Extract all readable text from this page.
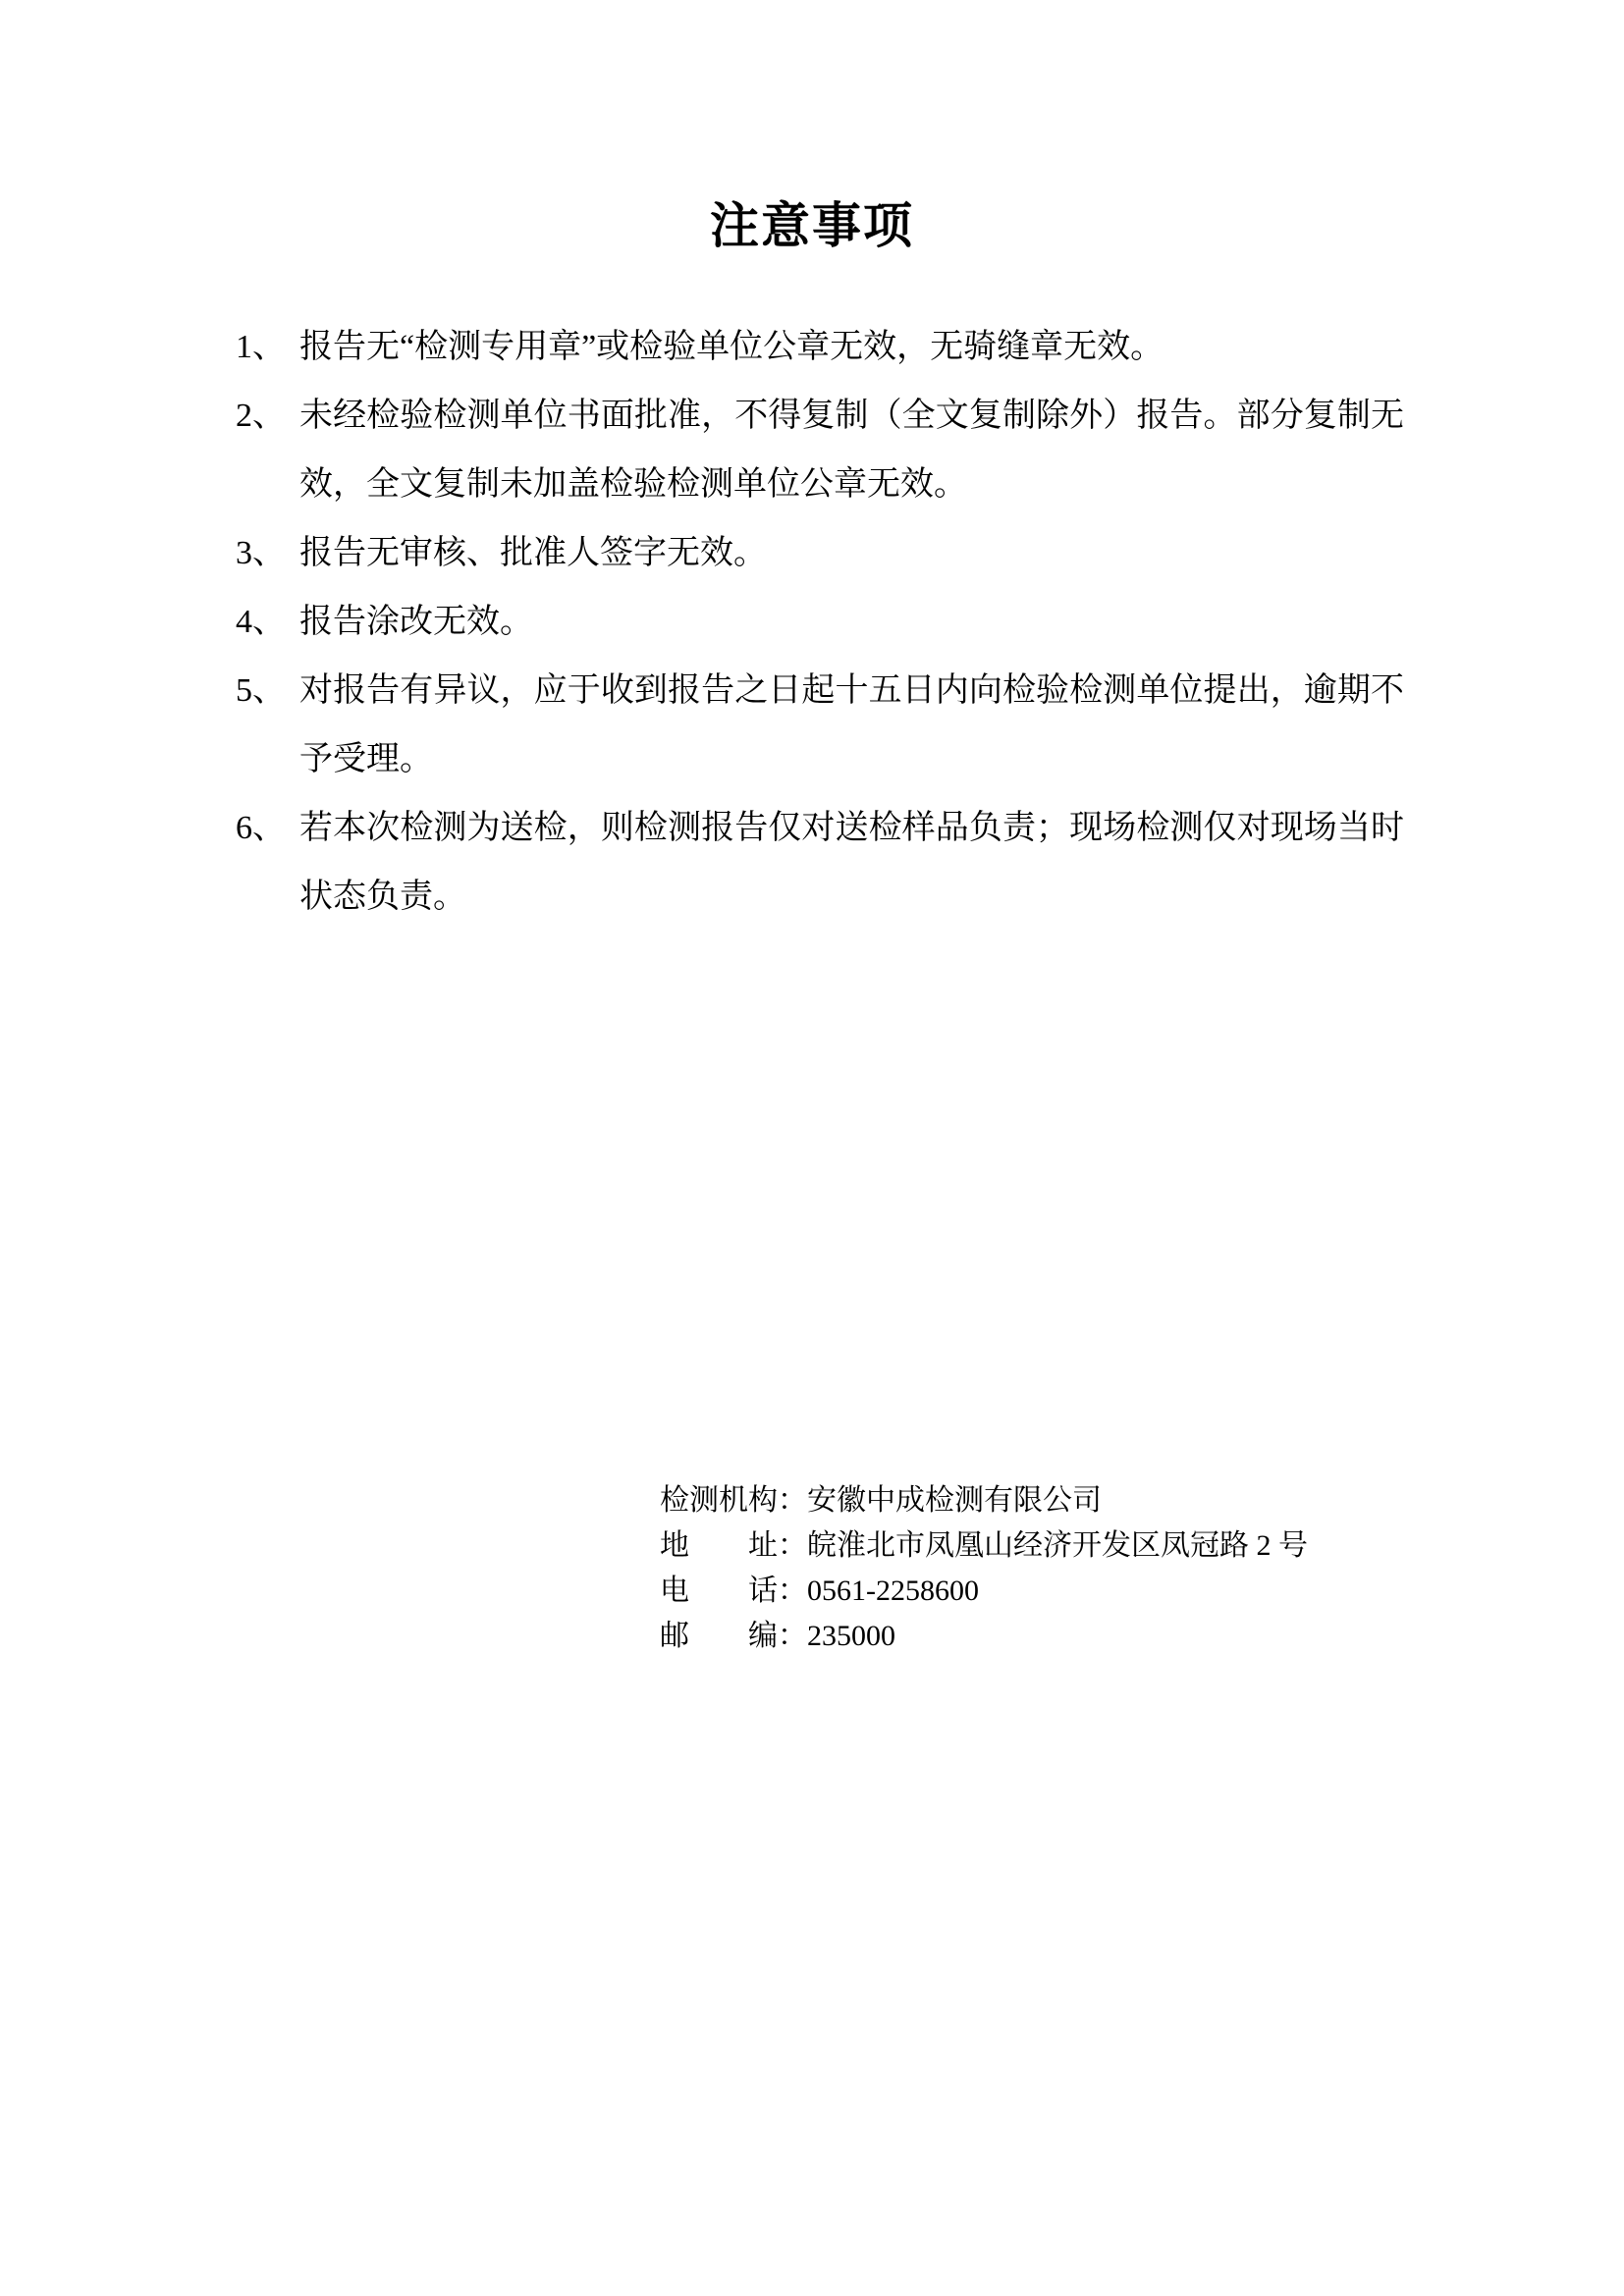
注意事项
1、 报告无“检测专用章”或检验单位公章无效，无骑缝章无效。
2、 未经检验检测单位书面批准，不得复制（全文复制除外）报告。部分复制无效，全文复制未加盖检验检测单位公章无效。
3、 报告无审核、批准人签字无效。
4、 报告涂改无效。
5、 对报告有异议，应于收到报告之日起十五日内向检验检测单位提出，逾期不予受理。
6、 若本次检测为送检，则检测报告仅对送检样品负责；现场检测仅对现场当时状态负责。
检测机构：安徽中成检测有限公司
地　　址：皖淮北市凤凰山经济开发区凤冠路 2 号
电　　话：0561-2258600
邮　　编：235000
